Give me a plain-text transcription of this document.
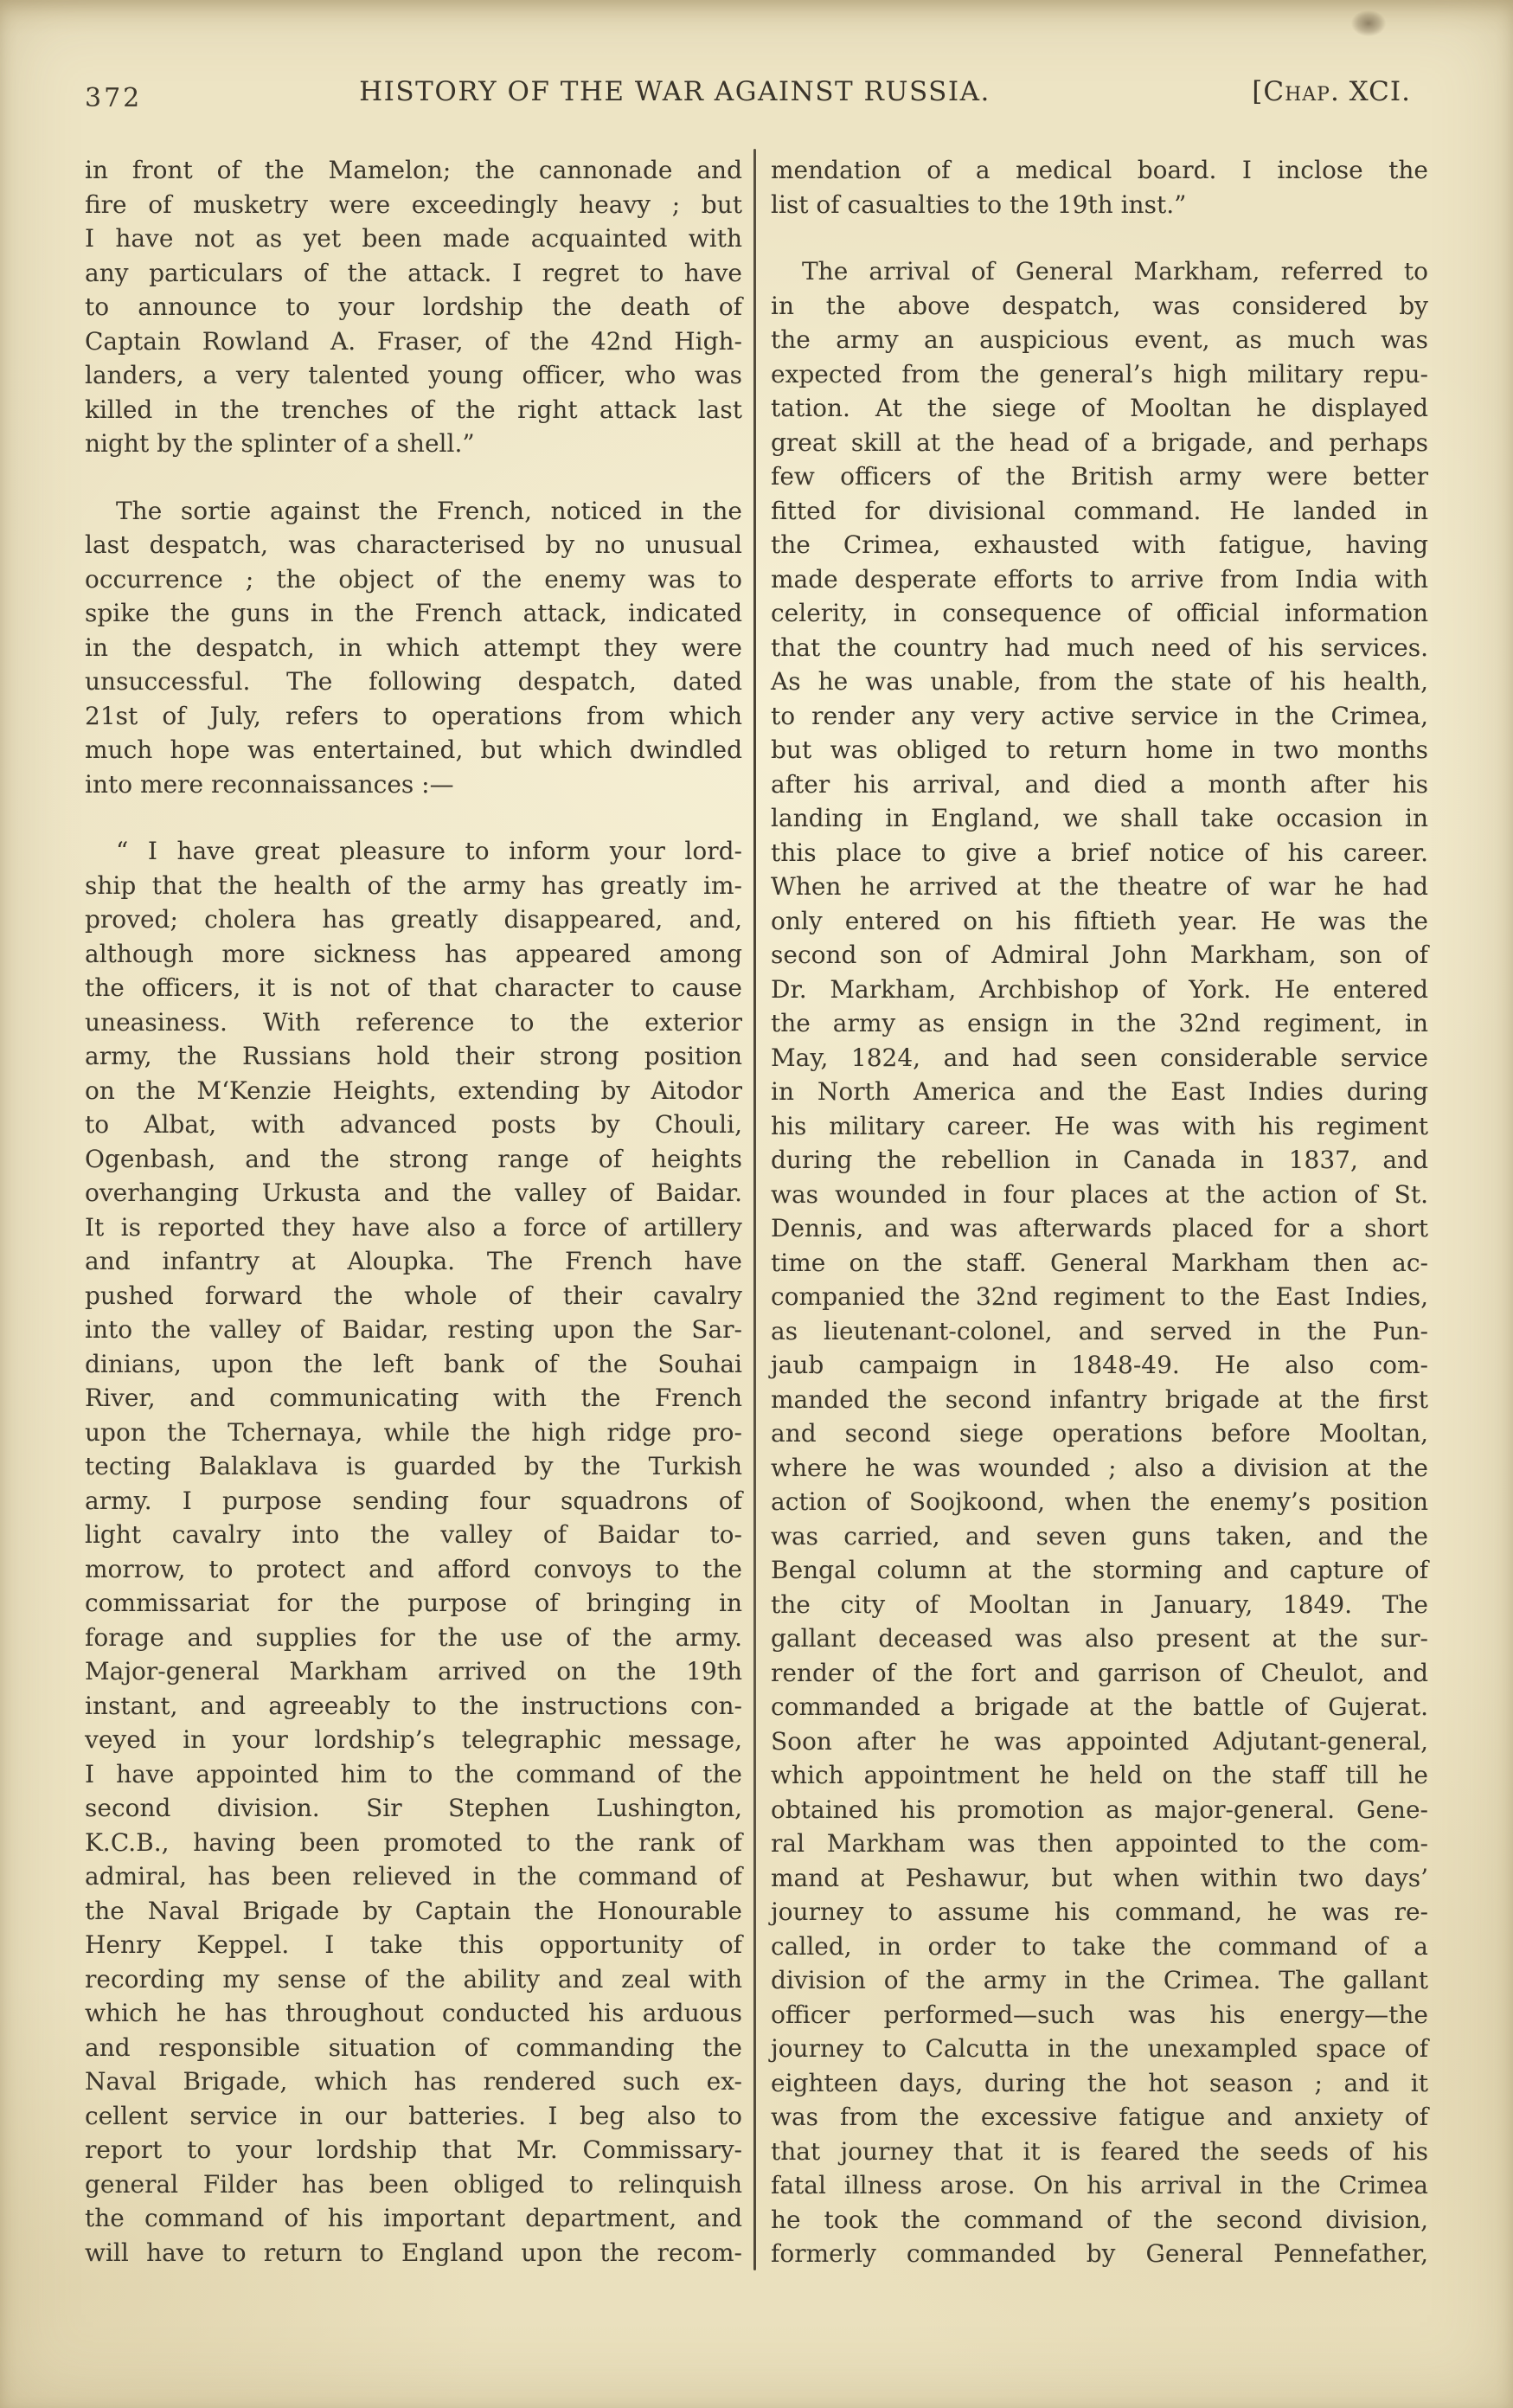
372	HISTORY OF THE WAR AGAINST RUSSIA.	[Chap. XCI.
in front of the Mamelon; the cannonade and
fire of musketry were exceedingly heavy ; but
I have not as yet been made acquainted with
any particulars of the attack. I regret to have
to announce to your lordship the death of
Captain Rowland A. Fraser, of the 42nd High-
landers, a very talented young officer, who was
killed in the trenches of the right attack last
night by the splinter of a shell.”
The sortie against the French, noticed in the
last despatch, was characterised by no unusual
occurrence ; the object of the enemy was to
spike the guns in the French attack, indicated
in the despatch, in which attempt they were
unsuccessful. The following despatch, dated
21st of July, refers to operations from which
much hope was entertained, but which dwindled
into mere reconnaissances :—
“ I have great pleasure to inform your lord-
ship that the health of the army has greatly im-
proved; cholera has greatly disappeared, and,
although more sickness has appeared among
the officers, it is not of that character to cause
uneasiness. With reference to the exterior
army, the Russians hold their strong position
on the M‘Kenzie Heights, extending by Aitodor
to Albat, with advanced posts by Chouli,
Ogenbash, and the strong range of heights
overhanging Urkusta and the valley of Baidar.
It is reported they have also a force of artillery
and infantry at Aloupka. The French have
pushed forward the whole of their cavalry
into the valley of Baidar, resting upon the Sar-
dinians, upon the left bank of the Souhai
River, and communicating with the French
upon the Tchernaya, while the high ridge pro-
tecting Balaklava is guarded by the Turkish
army. I purpose sending four squadrons of
light cavalry into the valley of Baidar to-
morrow, to protect and afford convoys to the
commissariat for the purpose of bringing in
forage and supplies for the use of the army.
Major-general Markham arrived on the 19th
instant, and agreeably to the instructions con-
veyed in your lordship’s telegraphic message,
I have appointed him to the command of the
second division. Sir Stephen Lushington,
K.C.B., having been promoted to the rank of
admiral, has been relieved in the command of
the Naval Brigade by Captain the Honourable
Henry Keppel. I take this opportunity of
recording my sense of the ability and zeal with
which he has throughout conducted his arduous
and responsible situation of commanding the
Naval Brigade, which has rendered such ex-
cellent service in our batteries. I beg also to
report to your lordship that Mr. Commissary-
general Filder has been obliged to relinquish
the command of his important department, and
will have to return to England upon the recom-
mendation of a medical board. I inclose the
list of casualties to the 19th inst.”
The arrival of General Markham, referred to
in the above despatch, was considered by
the army an auspicious event, as much was
expected from the general’s high military repu-
tation. At the siege of Mooltan he displayed
great skill at the head of a brigade, and perhaps
few officers of the British army were better
fitted for divisional command. He landed in
the Crimea, exhausted with fatigue, having
made desperate efforts to arrive from India with
celerity, in consequence of official information
that the country had much need of his services.
As he was unable, from the state of his health,
to render any very active service in the Crimea,
but was obliged to return home in two months
after his arrival, and died a month after his
landing in England, we shall take occasion in
this place to give a brief notice of his career.
When he arrived at the theatre of war he had
only entered on his fiftieth year. He was the
second son of Admiral John Markham, son of
Dr. Markham, Archbishop of York. He entered
the army as ensign in the 32nd regiment, in
May, 1824, and had seen considerable service
in North America and the East Indies during
his military career. He was with his regiment
during the rebellion in Canada in 1837, and
was wounded in four places at the action of St.
Dennis, and was afterwards placed for a short
time on the staff. General Markham then ac-
companied the 32nd regiment to the East Indies,
as lieutenant-colonel, and served in the Pun-
jaub campaign in 1848-49. He also com-
manded the second infantry brigade at the first
and second siege operations before Mooltan,
where he was wounded ; also a division at the
action of Soojkoond, when the enemy’s position
was carried, and seven guns taken, and the
Bengal column at the storming and capture of
the city of Mooltan in January, 1849. The
gallant deceased was also present at the sur-
render of the fort and garrison of Cheulot, and
commanded a brigade at the battle of Gujerat.
Soon after he was appointed Adjutant-general,
which appointment he held on the staff till he
obtained his promotion as major-general. Gene-
ral Markham was then appointed to the com-
mand at Peshawur, but when within two days’
journey to assume his command, he was re-
called, in order to take the command of a
division of the army in the Crimea. The gallant
officer performed—such was his energy—the
journey to Calcutta in the unexampled space of
eighteen days, during the hot season ; and it
was from the excessive fatigue and anxiety of
that journey that it is feared the seeds of his
fatal illness arose. On his arrival in the Crimea
he took the command of the second division,
formerly commanded by General Pennefather,
